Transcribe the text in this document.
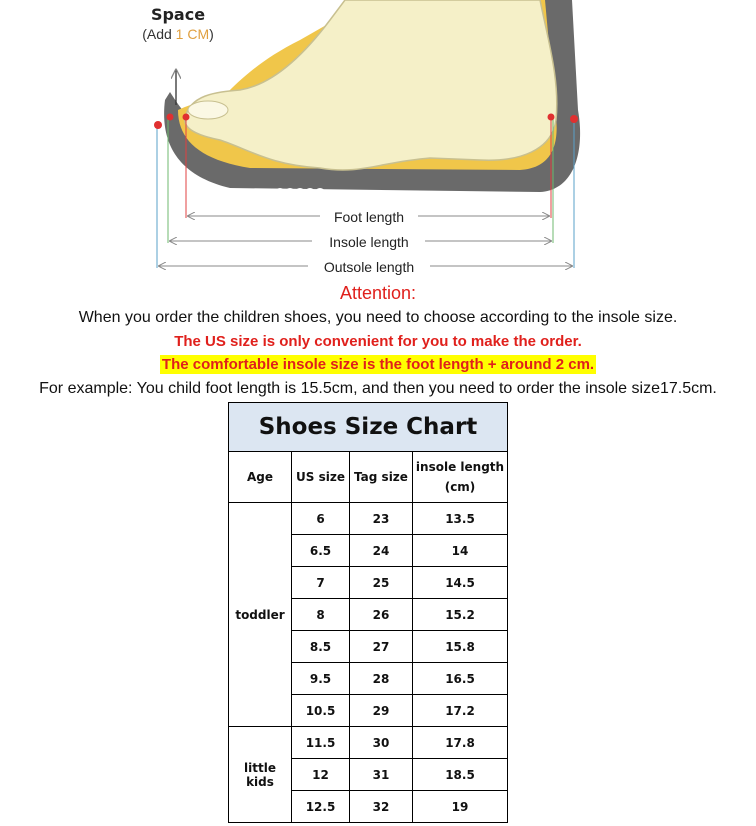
Space
(Add 1 CM)
Foot length
Insole length
Outsole length
Attention:
When you order the children shoes, you need to choose according to the insole size.
The US size is only convenient for you to make the order.
The comfortable insole size is the foot length + around 2 cm.
For example: You child foot length is 15.5cm, and then you need to order the insole size17.5cm.
Shoes Size Chart			
Age	US size	Tag size	insole length
(cm)
toddler	6	23	13.5
	6.5	24	14
	7	25	14.5
	8	26	15.2
	8.5	27	15.8
	9.5	28	16.5
	10.5	29	17.2
little kids	11.5	30	17.8
	12	31	18.5
	12.5	32	19
